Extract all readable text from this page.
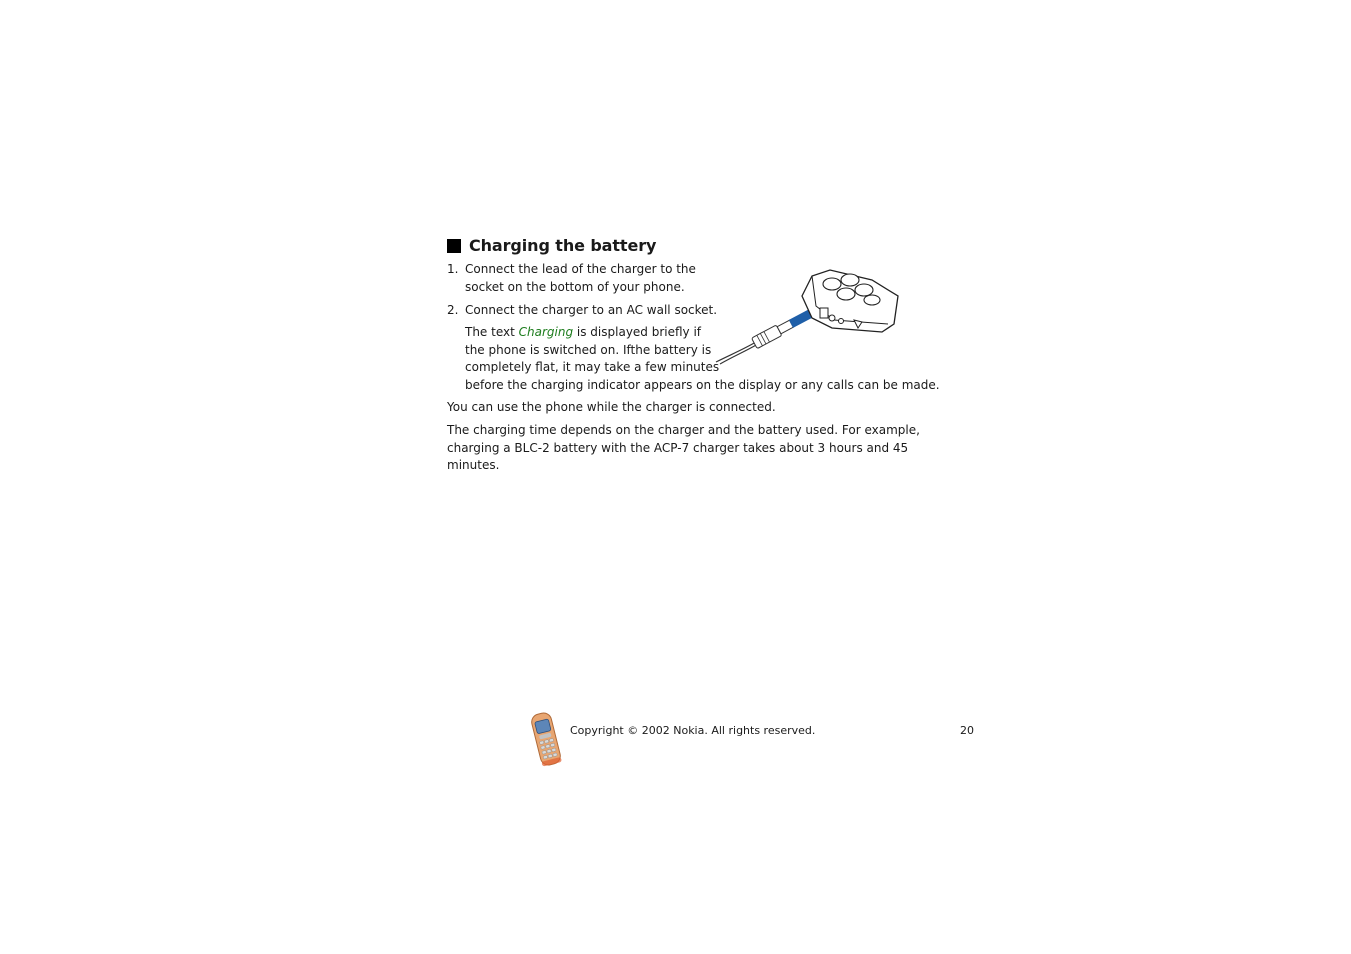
Charging the battery
1. Connect the lead of the charger to the
socket on the bottom of your phone.
2. Connect the charger to an AC wall socket.
The text Charging is displayed briefly if
the phone is switched on. Ifthe battery is
completely flat, it may take a few minutes
before the charging indicator appears on the display or any calls can be made.
You can use the phone while the charger is connected.
The charging time depends on the charger and the battery used. For example,
charging a BLC-2 battery with the ACP-7 charger takes about 3 hours and 45
minutes.
Copyright © 2002 Nokia. All rights reserved.	20
